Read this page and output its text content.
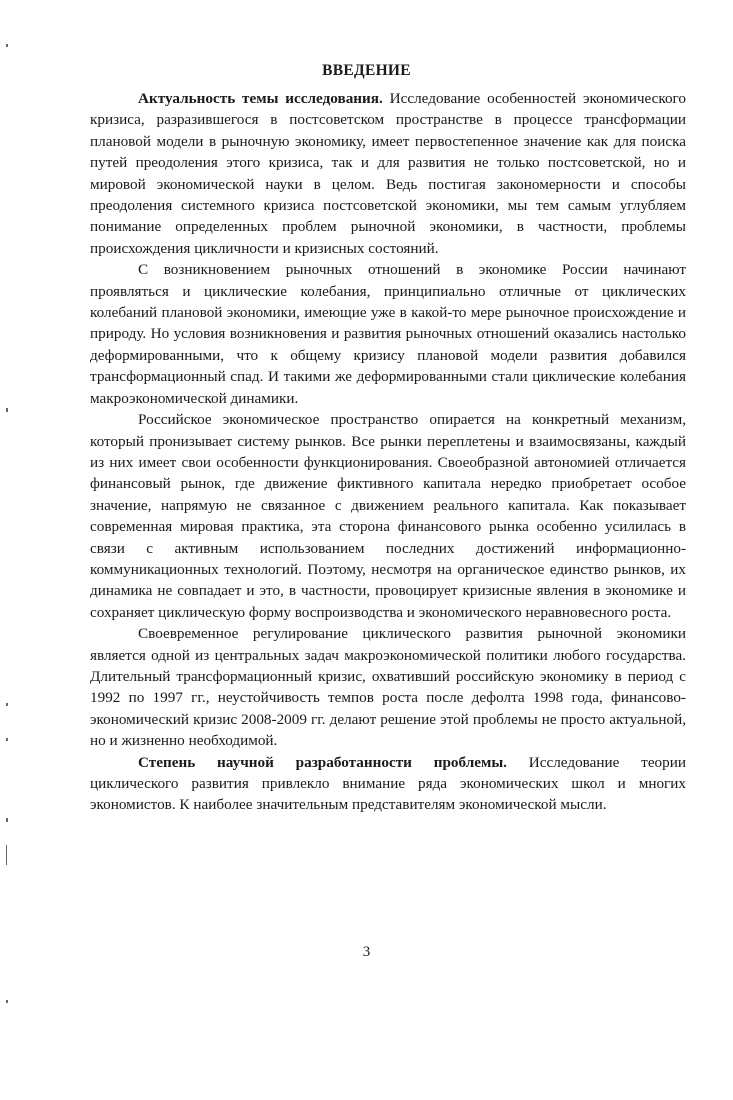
ВВЕДЕНИЕ

Актуальность темы исследования. Исследование особенностей экономического кризиса, разразившегося в постсоветском пространстве в процессе трансформации плановой модели в рыночную экономику, имеет первостепенное значение как для поиска путей преодоления этого кризиса, так и для развития не только постсоветской, но и мировой экономической науки в целом. Ведь постигая закономерности и способы преодоления системного кризиса постсоветской экономики, мы тем самым углубляем понимание определенных проблем рыночной экономики, в частности, проблемы происхождения цикличности и кризисных состояний.

С возникновением рыночных отношений в экономике России начинают проявляться и циклические колебания, принципиально отличные от циклических колебаний плановой экономики, имеющие уже в какой-то мере рыночное происхождение и природу. Но условия возникновения и развития рыночных отношений оказались настолько деформированными, что к общему кризису плановой модели развития добавился трансформационный спад. И такими же деформированными стали циклические колебания макроэкономической динамики.

Российское экономическое пространство опирается на конкретный механизм, который пронизывает систему рынков. Все рынки переплетены и взаимосвязаны, каждый из них имеет свои особенности функционирования. Своеобразной автономией отличается финансовый рынок, где движение фиктивного капитала нередко приобретает особое значение, напрямую не связанное с движением реального капитала. Как показывает современная мировая практика, эта сторона финансового рынка особенно усилилась в связи с активным использованием последних достижений информационно-коммуникационных технологий. Поэтому, несмотря на органическое единство рынков, их динамика не совпадает и это, в частности, провоцирует кризисные явления в экономике и сохраняет циклическую форму воспроизводства и экономического неравновесного роста.

Своевременное регулирование циклического развития рыночной экономики является одной из центральных задач макроэкономической политики любого государства. Длительный трансформационный кризис, охвативший российскую экономику в период с 1992 по 1997 гг., неустойчивость темпов роста после дефолта 1998 года, финансово-экономический кризис 2008-2009 гг. делают решение этой проблемы не просто актуальной, но и жизненно необходимой.

Степень научной разработанности проблемы. Исследование теории циклического развития привлекло внимание ряда экономических школ и многих экономистов. К наиболее значительным представителям экономической мысли.

3
